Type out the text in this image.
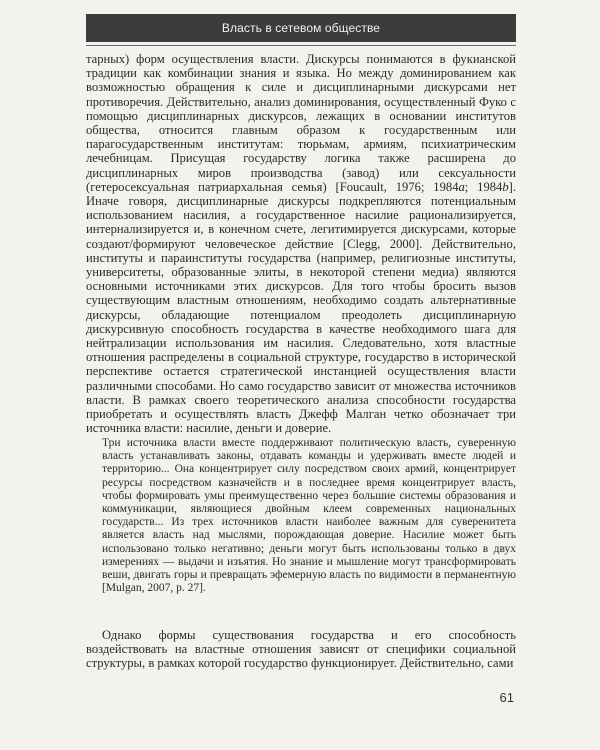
Власть в сетевом обществе

тарных) форм осуществления власти. Дискурсы понимаются в фукианской традиции как комбинации знания и языка. Но между доминированием как возможностью обращения к силе и дисциплинарными дискурсами нет противоречия. Действительно, анализ доминирования, осуществленный Фуко с помощью дисциплинарных дискурсов, лежащих в основании институтов общества, относится главным образом к государственным или парагосударственным институтам: тюрьмам, армиям, психиатрическим лечебницам. Присущая государству логика также расширена до дисциплинарных миров производства (завод) или сексуальности (гетеросексуальная патриархальная семья) [Foucault, 1976; 1984а; 1984b]. Иначе говоря, дисциплинарные дискурсы подкрепляются потенциальным использованием насилия, а государственное насилие рационализируется, интернализируется и, в конечном счете, легитимируется дискурсами, которые создают/формируют человеческое действие [Clegg, 2000]. Действительно, институты и параинституты государства (например, религиозные институты, университеты, образованные элиты, в некоторой степени медиа) являются основными источниками этих дискурсов. Для того чтобы бросить вызов существующим властным отношениям, необходимо создать альтернативные дискурсы, обладающие потенциалом преодолеть дисциплинарную дискурсивную способность государства в качестве необходимого шага для нейтрализации использования им насилия. Следовательно, хотя властные отношения распределены в социальной структуре, государство в исторической перспективе остается стратегической инстанцией осуществления власти различными способами. Но само государство зависит от множества источников власти. В рамках своего теоретического анализа способности государства приобретать и осуществлять власть Джефф Малган четко обозначает три источника власти: насилие, деньги и доверие.

Три источника власти вместе поддерживают политическую власть, суверенную власть устанавливать законы, отдавать команды и удерживать вместе людей и территорию... Она концентрирует силу посредством своих армий, концентрирует ресурсы посредством казначейств и в последнее время концентрирует власть, чтобы формировать умы преимущественно через большие системы образования и коммуникации, являющиеся двойным клеем современных национальных государств... Из трех источников власти наиболее важным для суверенитета является власть над мыслями, порождающая доверие. Насилие может быть использовано только негативно; деньги могут быть использованы только в двух измерениях — выдачи и изъятия. Но знание и мышление могут трансформировать веши, двигать горы и превращать эфемерную власть по видимости в перманентную [Mulgan, 2007, р. 27].

Однако формы существования государства и его способность воздействовать на властные отношения зависят от специфики социальной структуры, в рамках которой государство функционирует. Действительно, сами

61
